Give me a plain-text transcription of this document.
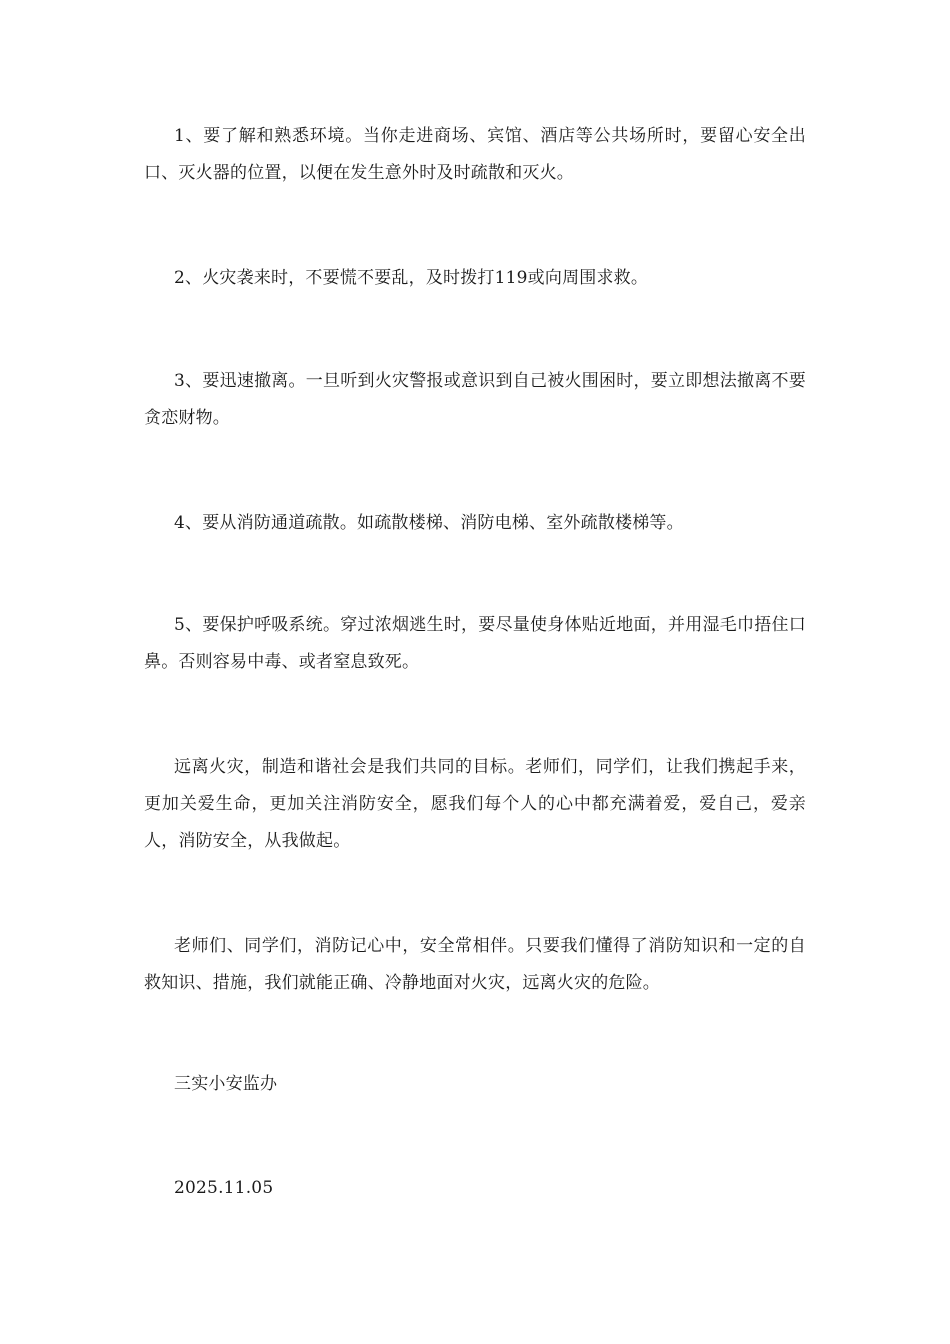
1、要了解和熟悉环境。当你走进商场、宾馆、酒店等公共场所时，要留心安全出口、灭火器的位置，以便在发生意外时及时疏散和灭火。

2、火灾袭来时，不要慌不要乱，及时拨打119或向周围求救。

3、要迅速撤离。一旦听到火灾警报或意识到自己被火围困时，要立即想法撤离不要贪恋财物。

4、要从消防通道疏散。如疏散楼梯、消防电梯、室外疏散楼梯等。

5、要保护呼吸系统。穿过浓烟逃生时，要尽量使身体贴近地面，并用湿毛巾捂住口鼻。否则容易中毒、或者窒息致死。

远离火灾，制造和谐社会是我们共同的目标。老师们，同学们，让我们携起手来，更加关爱生命，更加关注消防安全，愿我们每个人的心中都充满着爱，爱自己，爱亲人，消防安全，从我做起。

老师们、同学们，消防记心中，安全常相伴。只要我们懂得了消防知识和一定的自救知识、措施，我们就能正确、冷静地面对火灾，远离火灾的危险。

三实小安监办

2025.11.05
